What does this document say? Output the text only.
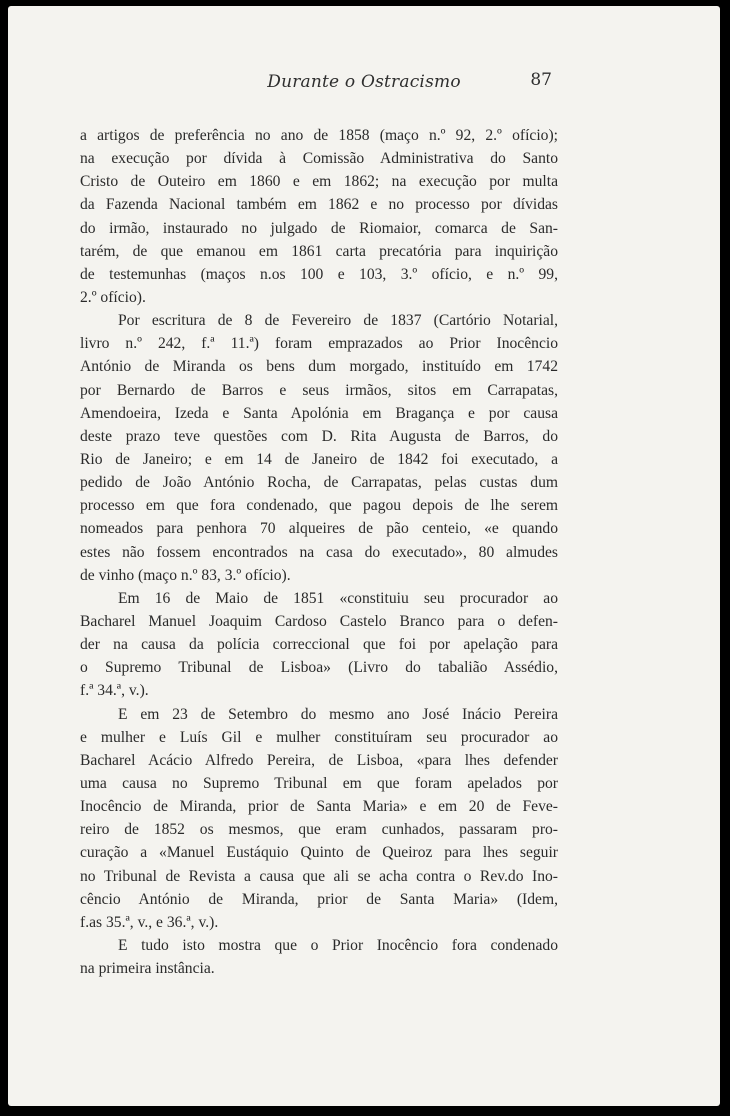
Durante o Ostracismo	87
a artigos de preferência no ano de 1858 (maço n.º 92, 2.º ofício);
na execução por dívida à Comissão Administrativa do Santo
Cristo de Outeiro em 1860 e em 1862; na execução por multa
da Fazenda Nacional também em 1862 e no processo por dívidas
do irmão, instaurado no julgado de Riomaior, comarca de San-
tarém, de que emanou em 1861 carta precatória para inquirição
de testemunhas (maços n.os 100 e 103, 3.º ofício, e n.º 99,
2.º ofício).
Por escritura de 8 de Fevereiro de 1837 (Cartório Notarial,
livro n.º 242, f.ª 11.ª) foram emprazados ao Prior Inocêncio
António de Miranda os bens dum morgado, instituído em 1742
por Bernardo de Barros e seus irmãos, sitos em Carrapatas,
Amendoeira, Izeda e Santa Apolónia em Bragança e por causa
deste prazo teve questões com D. Rita Augusta de Barros, do
Rio de Janeiro; e em 14 de Janeiro de 1842 foi executado, a
pedido de João António Rocha, de Carrapatas, pelas custas dum
processo em que fora condenado, que pagou depois de lhe serem
nomeados para penhora 70 alqueires de pão centeio, «e quando
estes não fossem encontrados na casa do executado», 80 almudes
de vinho (maço n.º 83, 3.º ofício).
Em 16 de Maio de 1851 «constituiu seu procurador ao
Bacharel Manuel Joaquim Cardoso Castelo Branco para o defen-
der na causa da polícia correccional que foi por apelação para
o Supremo Tribunal de Lisboa» (Livro do tabalião Assédio,
f.ª 34.ª, v.).
E em 23 de Setembro do mesmo ano José Inácio Pereira
e mulher e Luís Gil e mulher constituíram seu procurador ao
Bacharel Acácio Alfredo Pereira, de Lisboa, «para lhes defender
uma causa no Supremo Tribunal em que foram apelados por
Inocêncio de Miranda, prior de Santa Maria» e em 20 de Feve-
reiro de 1852 os mesmos, que eram cunhados, passaram pro-
curação a «Manuel Eustáquio Quinto de Queiroz para lhes seguir
no Tribunal de Revista a causa que ali se acha contra o Rev.do Ino-
cêncio António de Miranda, prior de Santa Maria» (Idem,
f.as 35.ª, v., e 36.ª, v.).
E tudo isto mostra que o Prior Inocêncio fora condenado
na primeira instância.
